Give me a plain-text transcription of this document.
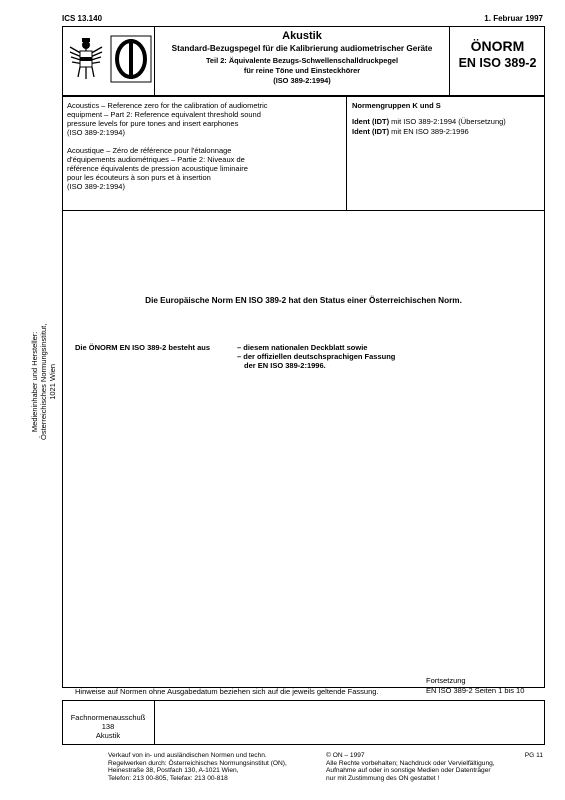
ICS 13.140	1. Februar 1997
Akustik
Standard-Bezugspegel für die Kalibrierung audiometrischer Geräte
Teil 2: Äquivalente Bezugs-Schwellenschalldruckpegel
für reine Töne und Einsteckhörer
(ISO 389-2:1994)
ÖNORM
EN ISO 389-2
Acoustics – Reference zero for the calibration of audiometric
equipment – Part 2: Reference equivalent threshold sound
pressure levels for pure tones and insert earphones
(ISO 389-2:1994)
Acoustique – Zéro de référence pour l'étalonnage
d'équipements audiométriques – Partie 2: Niveaux de
référence équivalents de pression acoustique liminaire
pour les écouteurs à son purs et à insertion
(ISO 389-2:1994)
Normengruppen K und S
Ident (IDT) mit ISO 389-2:1994 (Übersetzung)
Ident (IDT) mit EN ISO 389-2:1996
Die Europäische Norm EN ISO 389-2 hat den Status einer Österreichischen Norm.
Die ÖNORM EN ISO 389-2 besteht aus	– diesem nationalen Deckblatt sowie
– der offiziellen deutschsprachigen Fassung
der EN ISO 389-2:1996.
Medieninhaber und Hersteller: Österreichisches Normungsinstitut, 1021 Wien
Fortsetzung
EN ISO 389-2 Seiten 1 bis 10
Hinweise auf Normen ohne Ausgabedatum beziehen sich auf die jeweils geltende Fassung.
Fachnormenausschuß
138
Akustik
Verkauf von in- und ausländischen Normen und techn.
Regelwerken durch: Österreichisches Normungsinstitut (ON),
Heinestraße 38, Postfach 130, A-1021 Wien,
Telefon: 213 00-805, Telefax: 213 00-818
© ON – 1997
Alle Rechte vorbehalten; Nachdruck oder Vervielfältigung,
Aufnahme auf oder in sonstige Medien oder Datenträger
nur mit Zustimmung des ON gestattet !
PG 11
